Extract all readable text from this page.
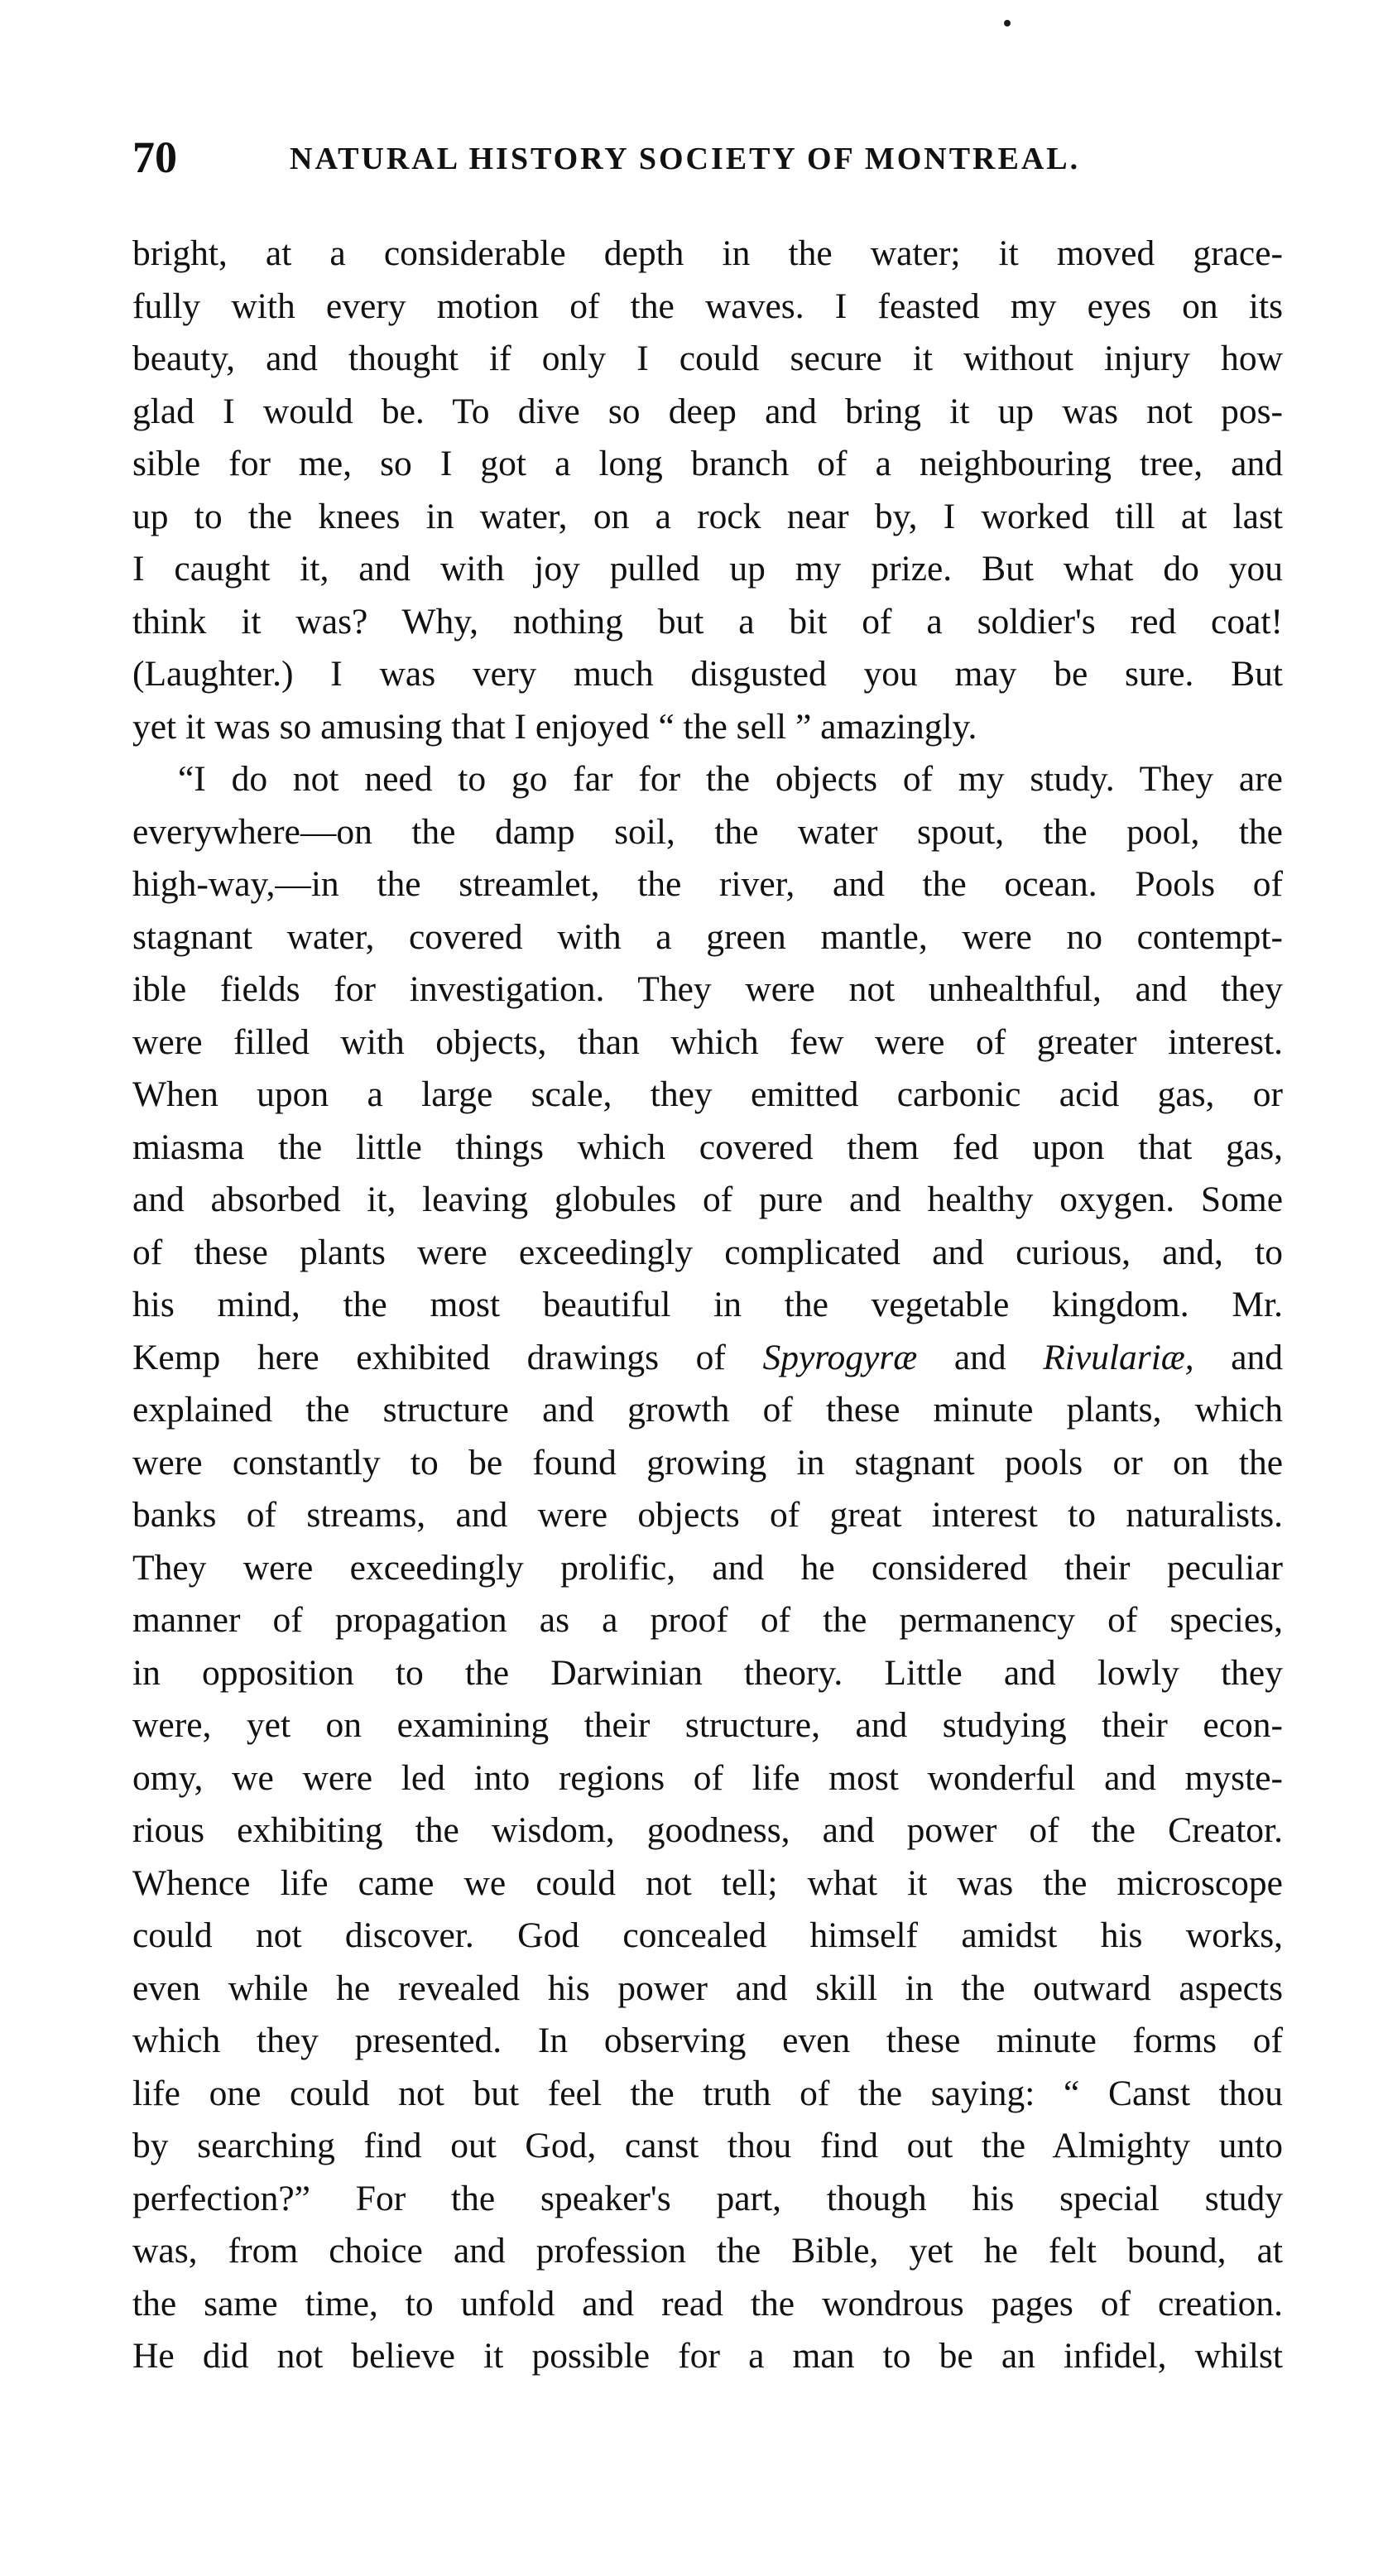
70	NATURAL HISTORY SOCIETY OF MONTREAL.
bright, at a considerable depth in the water; it moved grace-
fully with every motion of the waves. I feasted my eyes on its
beauty, and thought if only I could secure it without injury how
glad I would be. To dive so deep and bring it up was not pos-
sible for me, so I got a long branch of a neighbouring tree, and
up to the knees in water, on a rock near by, I worked till at last
I caught it, and with joy pulled up my prize. But what do you
think it was? Why, nothing but a bit of a soldier's red coat!
(Laughter.) I was very much disgusted you may be sure. But
yet it was so amusing that I enjoyed “ the sell ” amazingly.
“I do not need to go far for the objects of my study. They are
everywhere—on the damp soil, the water spout, the pool, the
high-way,—in the streamlet, the river, and the ocean. Pools of
stagnant water, covered with a green mantle, were no contempt-
ible fields for investigation. They were not unhealthful, and they
were filled with objects, than which few were of greater interest.
When upon a large scale, they emitted carbonic acid gas, or
miasma the little things which covered them fed upon that gas,
and absorbed it, leaving globules of pure and healthy oxygen. Some
of these plants were exceedingly complicated and curious, and, to
his mind, the most beautiful in the vegetable kingdom. Mr.
Kemp here exhibited drawings of Spyrogyræ and Rivulariæ, and
explained the structure and growth of these minute plants, which
were constantly to be found growing in stagnant pools or on the
banks of streams, and were objects of great interest to naturalists.
They were exceedingly prolific, and he considered their peculiar
manner of propagation as a proof of the permanency of species,
in opposition to the Darwinian theory. Little and lowly they
were, yet on examining their structure, and studying their econ-
omy, we were led into regions of life most wonderful and myste-
rious exhibiting the wisdom, goodness, and power of the Creator.
Whence life came we could not tell; what it was the microscope
could not discover. God concealed himself amidst his works,
even while he revealed his power and skill in the outward aspects
which they presented. In observing even these minute forms of
life one could not but feel the truth of the saying: “ Canst thou
by searching find out God, canst thou find out the Almighty unto
perfection?” For the speaker's part, though his special study
was, from choice and profession the Bible, yet he felt bound, at
the same time, to unfold and read the wondrous pages of creation.
He did not believe it possible for a man to be an infidel, whilst
